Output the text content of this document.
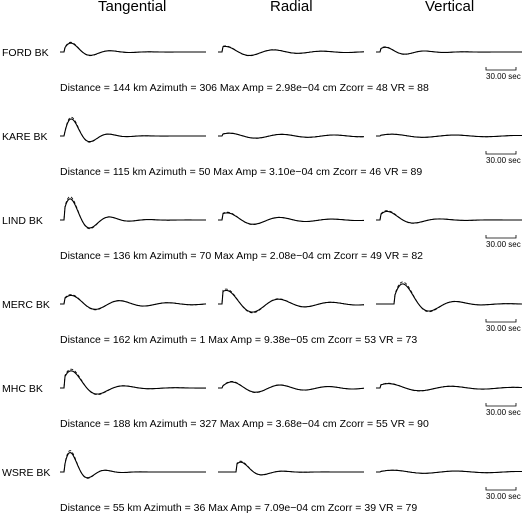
Tangential	Radial	Vertical
FORD BK
Distance = 144 km Azimuth = 306 Max Amp = 2.98e−04 cm Zcorr = 48 VR = 88
30.00 sec
KARE BK
Distance = 115 km Azimuth = 50 Max Amp = 3.10e−04 cm Zcorr = 46 VR = 89
30.00 sec
LIND BK
Distance = 136 km Azimuth = 70 Max Amp = 2.08e−04 cm Zcorr = 49 VR = 82
30.00 sec
MERC BK
Distance = 162 km Azimuth = 1 Max Amp = 9.38e−05 cm Zcorr = 53 VR = 73
30.00 sec
MHC BK
Distance = 188 km Azimuth = 327 Max Amp = 3.68e−04 cm Zcorr = 55 VR = 90
30.00 sec
WSRE BK
Distance = 55 km Azimuth = 36 Max Amp = 7.09e−04 cm Zcorr = 39 VR = 79
30.00 sec
